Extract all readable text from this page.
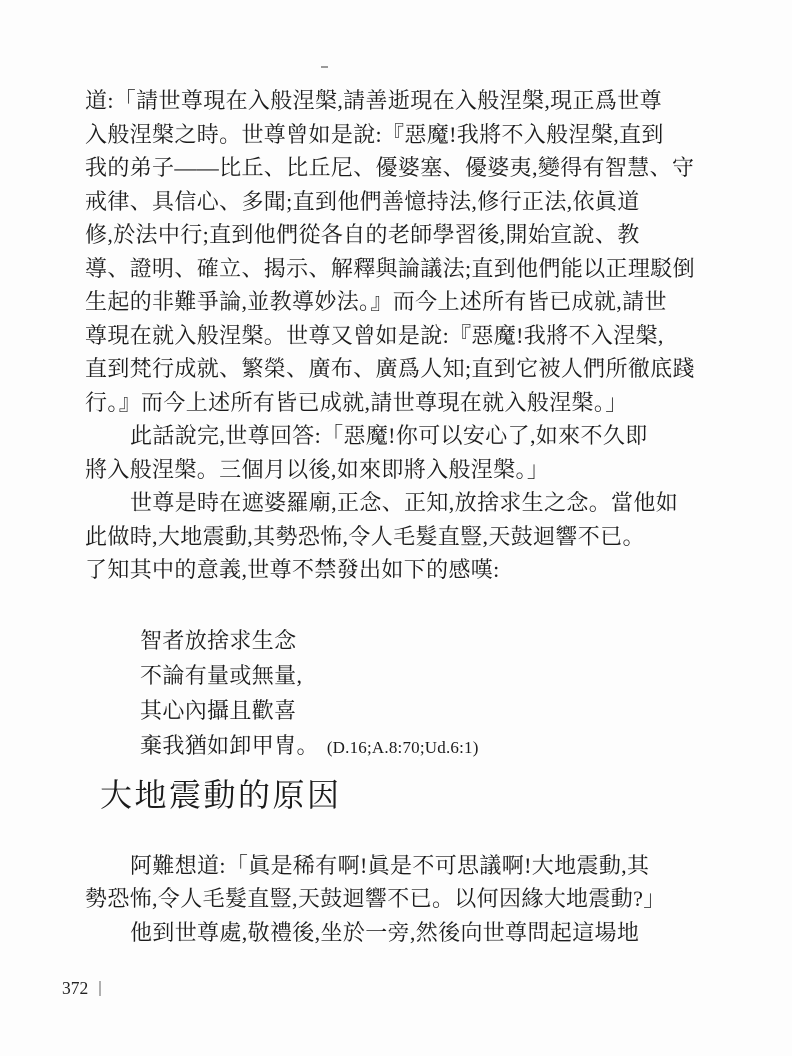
道:「請世尊現在入般涅槃,請善逝現在入般涅槃,現正爲世尊
入般涅槃之時。世尊曾如是說:『惡魔!我將不入般涅槃,直到
我的弟子——比丘、比丘尼、優婆塞、優婆夷,變得有智慧、守
戒律、具信心、多聞;直到他們善憶持法,修行正法,依眞道
修,於法中行;直到他們從各自的老師學習後,開始宣說、教
導、證明、確立、揭示、解釋與論議法;直到他們能以正理駁倒
生起的非難爭論,並教導妙法。』而今上述所有皆已成就,請世
尊現在就入般涅槃。世尊又曾如是說:『惡魔!我將不入涅槃,
直到梵行成就、繁榮、廣布、廣爲人知;直到它被人們所徹底踐
行。』而今上述所有皆已成就,請世尊現在就入般涅槃。」
此話說完,世尊回答:「惡魔!你可以安心了,如來不久即
將入般涅槃。三個月以後,如來即將入般涅槃。」
世尊是時在遮婆羅廟,正念、正知,放捨求生之念。當他如
此做時,大地震動,其勢恐怖,令人毛髮直豎,天鼓迴響不已。
了知其中的意義,世尊不禁發出如下的感嘆:
智者放捨求生念
不論有量或無量,
其心內攝且歡喜
棄我猶如卸甲冑。 (D.16;A.8:70;Ud.6:1)
大地震動的原因
阿難想道:「眞是稀有啊!眞是不可思議啊!大地震動,其
勢恐怖,令人毛髮直豎,天鼓迴響不已。以何因緣大地震動?」
他到世尊處,敬禮後,坐於一旁,然後向世尊問起這場地
372
